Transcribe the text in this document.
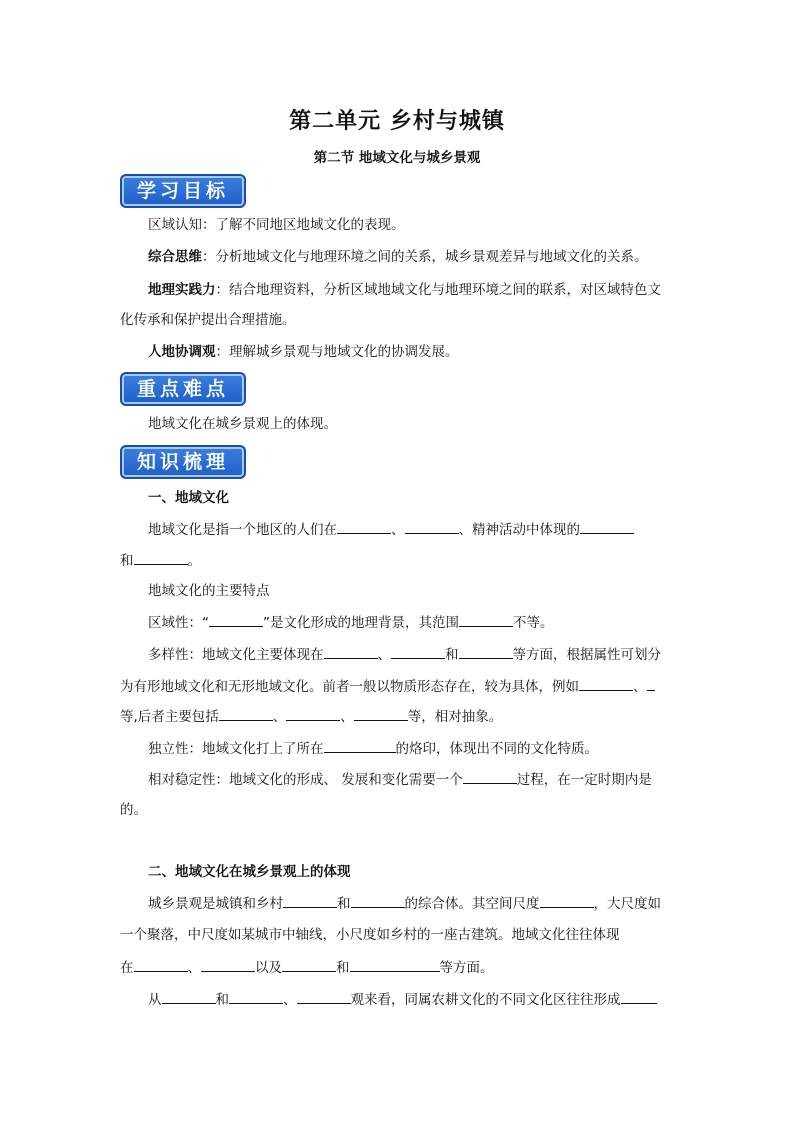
第二单元 乡村与城镇
第二节 地域文化与城乡景观
学习目标
区域认知：了解不同地区地域文化的表现。
综合思维：分析地域文化与地理环境之间的关系，城乡景观差异与地域文化的关系。
地理实践力：结合地理资料，分析区域地域文化与地理环境之间的联系，对区域特色文
化传承和保护提出合理措施。
人地协调观：理解城乡景观与地域文化的协调发展。
重点难点
地域文化在城乡景观上的体现。
知识梳理
一、地域文化
地域文化是指一个地区的人们在	、	、精神活动中体现的
和	。
地域文化的主要特点
区域性：“	”是文化形成的地理背景，其范围	不等。
多样性：地域文化主要体现在	、	和	等方面，根据属性可划分
为有形地域文化和无形地域文化。前者一般以物质形态存在，较为具体，例如	、
等,后者主要包括	、	、	等，相对抽象。
独立性：地域文化打上了所在	的烙印，体现出不同的文化特质。
相对稳定性：地域文化的形成、 发展和变化需要一个	过程，在一定时期内是
的。
二、地域文化在城乡景观上的体现
城乡景观是城镇和乡村	和	的综合体。其空间尺度	，大尺度如
一个聚落，中尺度如某城市中轴线，小尺度如乡村的一座古建筑。地域文化往往体现
在	、	以及	和	等方面。
从	和	、	观来看，同属农耕文化的不同文化区往往形成
